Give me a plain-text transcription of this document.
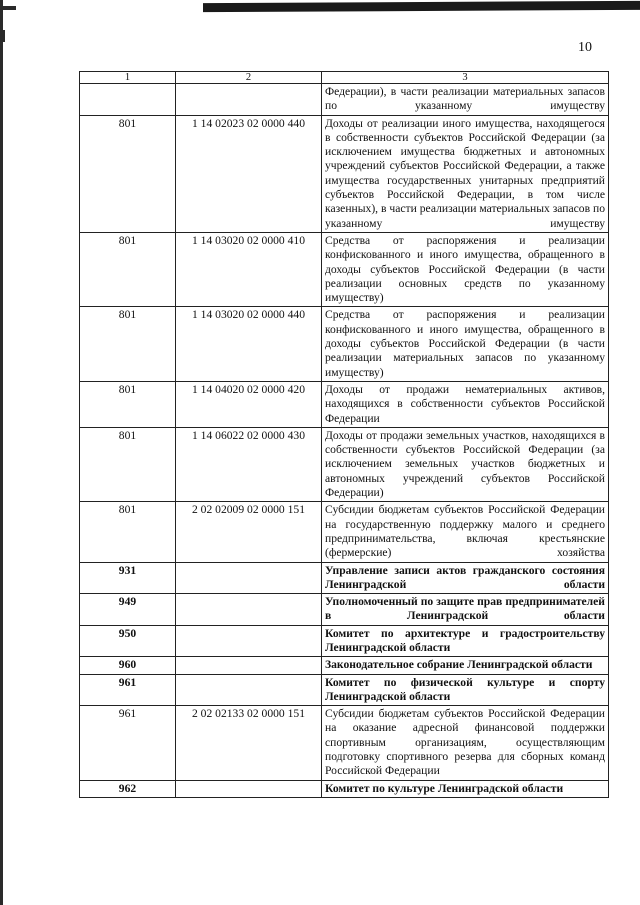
10
1	2	3
		Федерации), в части реализации материальных запасов по указанному имуществу
801	1 14 02023 02 0000 440	Доходы от реализации иного имущества, находящегося в собственности субъектов Российской Федерации (за исключением имущества бюджетных и автономных учреждений субъектов Российской Федерации, а также имущества государственных унитарных предприятий субъектов Российской Федерации, в том числе казенных), в части реализации материальных запасов по указанному имуществу
801	1 14 03020 02 0000 410	Средства от распоряжения и реализации конфискованного и иного имущества, обращенного в доходы субъектов Российской Федерации (в части реализации основных средств по указанному имуществу)
801	1 14 03020 02 0000 440	Средства от распоряжения и реализации конфискованного и иного имущества, обращенного в доходы субъектов Российской Федерации (в части реализации материальных запасов по указанному имуществу)
801	1 14 04020 02 0000 420	Доходы от продажи нематериальных активов, находящихся в собственности субъектов Российской Федерации
801	1 14 06022 02 0000 430	Доходы от продажи земельных участков, находящихся в собственности субъектов Российской Федерации (за исключением земельных участков бюджетных и автономных учреждений субъектов Российской Федерации)
801	2 02 02009 02 0000 151	Субсидии бюджетам субъектов Российской Федерации на государственную поддержку малого и среднего предпринимательства, включая крестьянские (фермерские) хозяйства
931		Управление записи актов гражданского состояния Ленинградской области
949		Уполномоченный по защите прав предпринимателей в Ленинградской области
950		Комитет по архитектуре и градостроительству Ленинградской области
960		Законодательное собрание Ленинградской области
961		Комитет по физической культуре и спорту Ленинградской области
961	2 02 02133 02 0000 151	Субсидии бюджетам субъектов Российской Федерации на оказание адресной финансовой поддержки спортивным организациям, осуществляющим подготовку спортивного резерва для сборных команд Российской Федерации
962		Комитет по культуре Ленинградской области
